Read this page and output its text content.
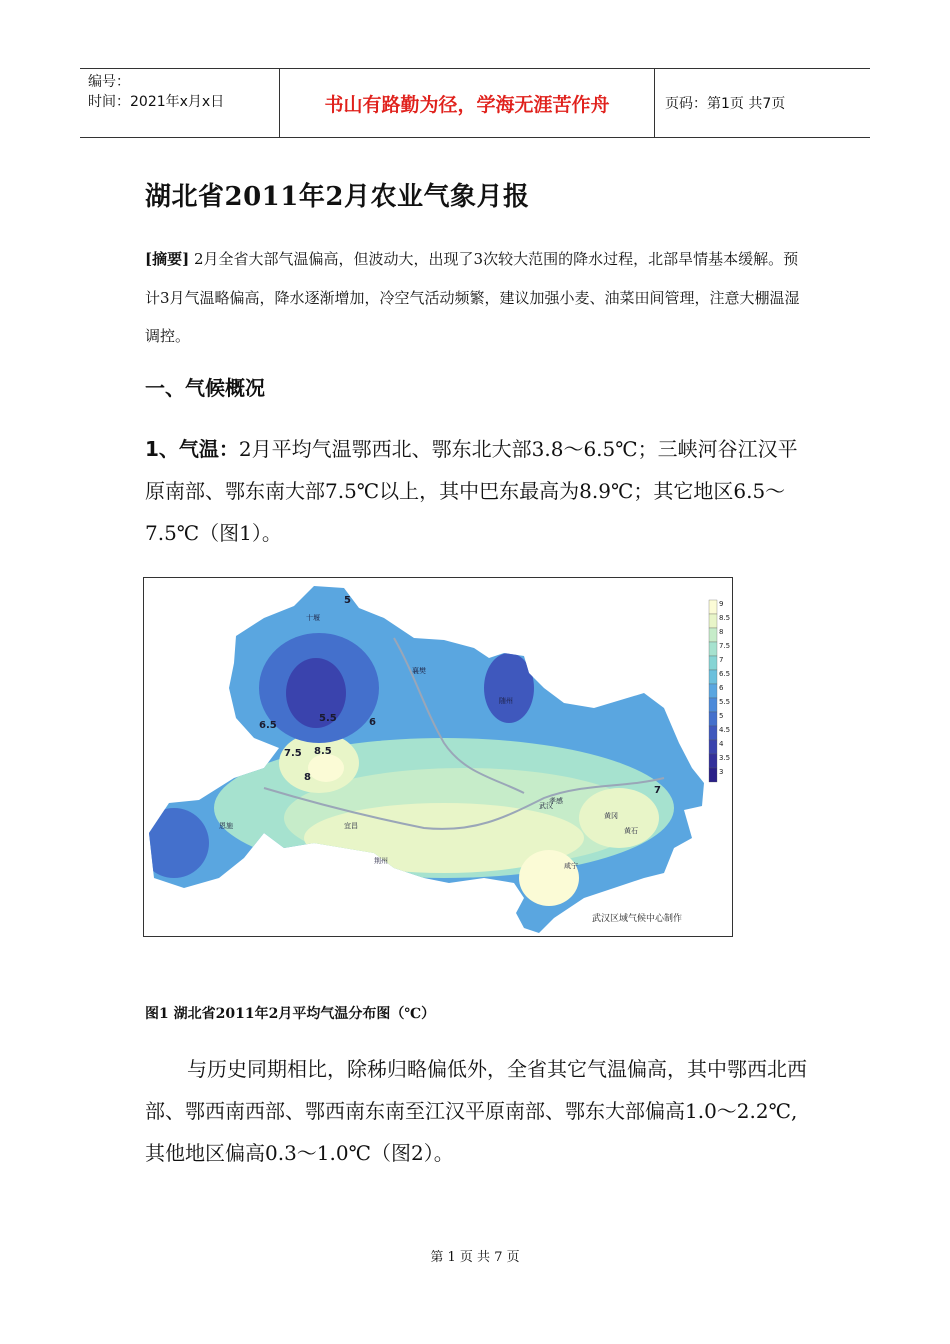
编号：
时间：2021年x月x日	书山有路勤为径，学海无涯苦作舟	页码：第1页 共7页
湖北省2011年2月农业气象月报
[摘要] 2月全省大部气温偏高，但波动大，出现了3次较大范围的降水过程，北部旱情基本缓解。预计3月气温略偏高，降水逐渐增加，冷空气活动频繁，建议加强小麦、油菜田间管理，注意大棚温湿调控。
一、气候概况
1、气温：2月平均气温鄂西北、鄂东北大部3.8～6.5℃；三峡河谷江汉平原南部、鄂东南大部7.5℃以上，其中巴东最高为8.9℃；其它地区6.5～7.5℃（图1）。
十堰
襄樊
随州
孝感
武汉
宜昌
荆州
恩施
黄冈
黄石
咸宁
5
5.5	6
6.5
7
7.5
8
8.5
9
8.5
8
7.5
7
6.5
6
5.5
5
4.5
4
3.5
3
武汉区域气候中心制作
图1 湖北省2011年2月平均气温分布图（℃）
与历史同期相比，除秭归略偏低外，全省其它气温偏高，其中鄂西北西部、鄂西南西部、鄂西南东南至江汉平原南部、鄂东大部偏高1.0～2.2℃,其他地区偏高0.3～1.0℃（图2）。
第 1 页 共 7 页
